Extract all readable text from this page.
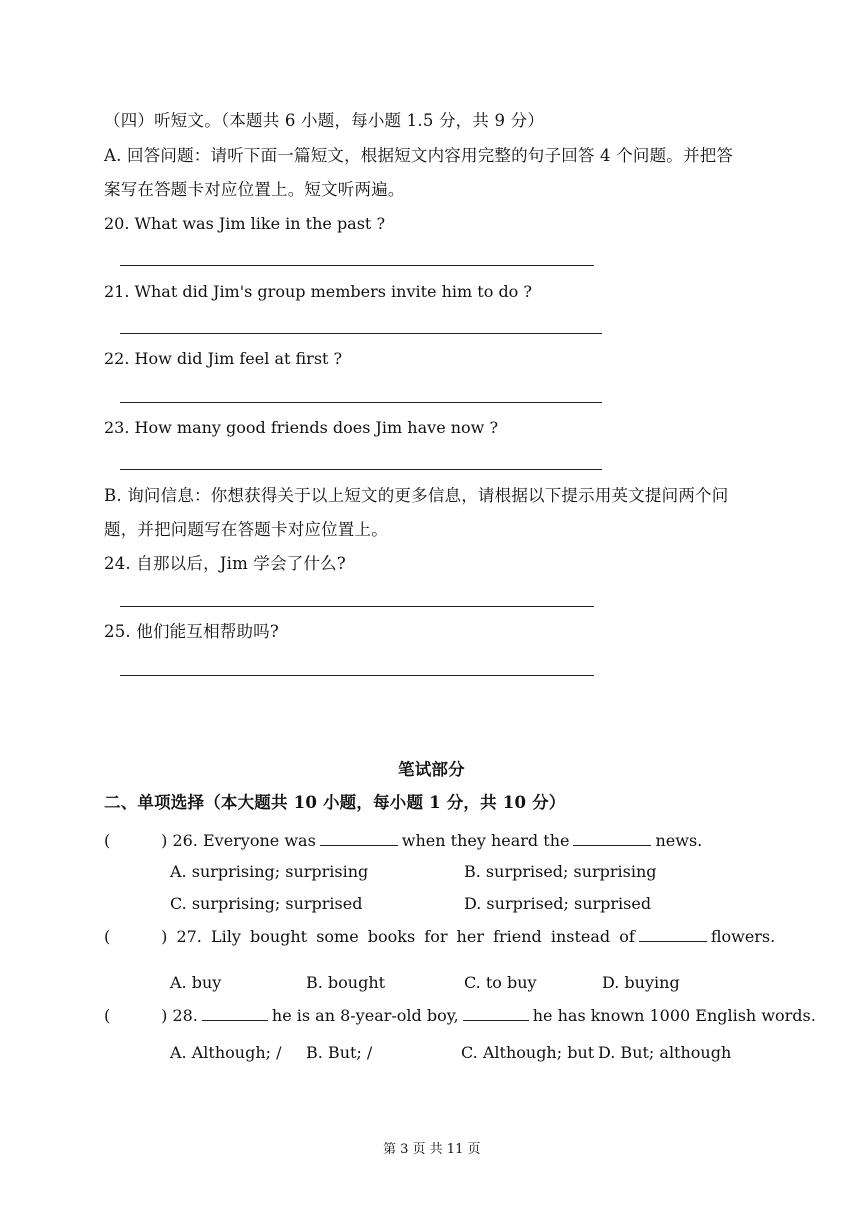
（四）听短文。（本题共 6 小题，每小题 1.5 分，共 9 分）
A. 回答问题：请听下面一篇短文，根据短文内容用完整的句子回答 4 个问题。并把答
案写在答题卡对应位置上。短文听两遍。
20. What was Jim like in the past ?
21. What did Jim's group members invite him to do ?
22. How did Jim feel at first ?
23. How many good friends does Jim have now ?
B. 询问信息：你想获得关于以上短文的更多信息，请根据以下提示用英文提问两个问
题，并把问题写在答题卡对应位置上。
24. 自那以后，Jim 学会了什么?
25. 他们能互相帮助吗?
笔试部分
二、单项选择（本大题共 10 小题，每小题 1 分，共 10 分）
(          ) 26. Everyone was	when they heard the	news.
A. surprising; surprising	B. surprised; surprising
C. surprising; surprised	D. surprised; surprised
(          ) 27. Lily bought some books for her friend instead of	flowers.
A. buy	B. bought	C. to buy	D. buying
(          ) 28.	he is an 8-year-old boy,	he has known 1000 English words.
A. Although; / B. But; /	C. Although; but D. But; although
第 3 页 共 11 页
